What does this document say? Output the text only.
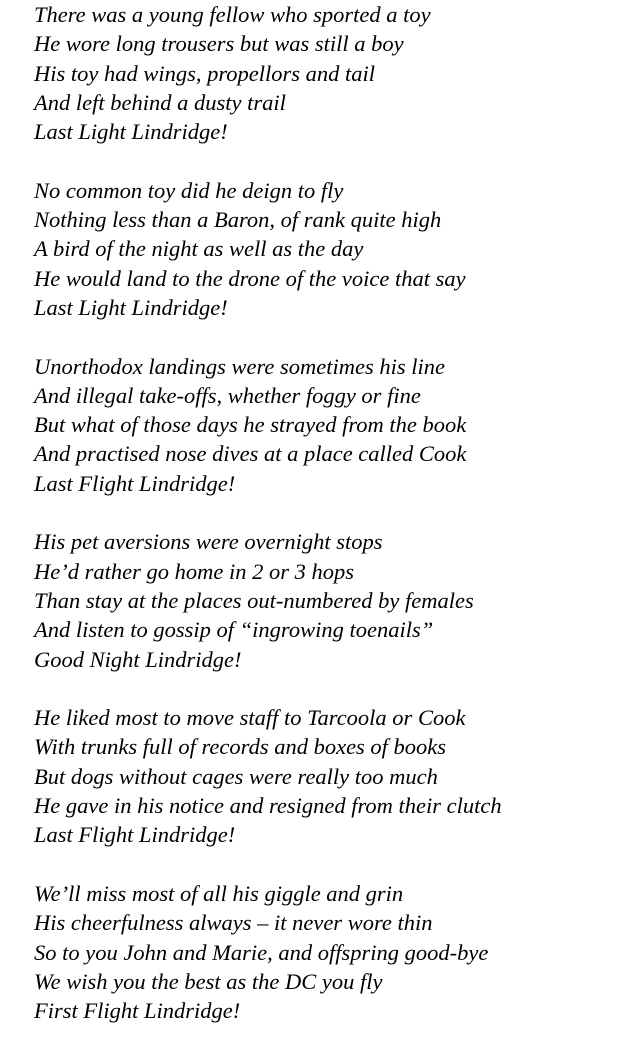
There was a young fellow who sported a toy
He wore long trousers but was still a boy
His toy had wings, propellors and tail
And left behind a dusty trail
Last Light Lindridge!
No common toy did he deign to fly
Nothing less than a Baron, of rank quite high
A bird of the night as well as the day
He would land to the drone of the voice that say
Last Light Lindridge!
Unorthodox landings were sometimes his line
And illegal take-offs, whether foggy or fine
But what of those days he strayed from the book
And practised nose dives at a place called Cook
Last Flight Lindridge!
His pet aversions were overnight stops
He’d rather go home in 2 or 3 hops
Than stay at the places out-numbered by females
And listen to gossip of “ingrowing toenails”
Good Night Lindridge!
He liked most to move staff to Tarcoola or Cook
With trunks full of records and boxes of books
But dogs without cages were really too much
He gave in his notice and resigned from their clutch
Last Flight Lindridge!
We’ll miss most of all his giggle and grin
His cheerfulness always – it never wore thin
So to you John and Marie, and offspring good-bye
We wish you the best as the DC you fly
First Flight Lindridge!
